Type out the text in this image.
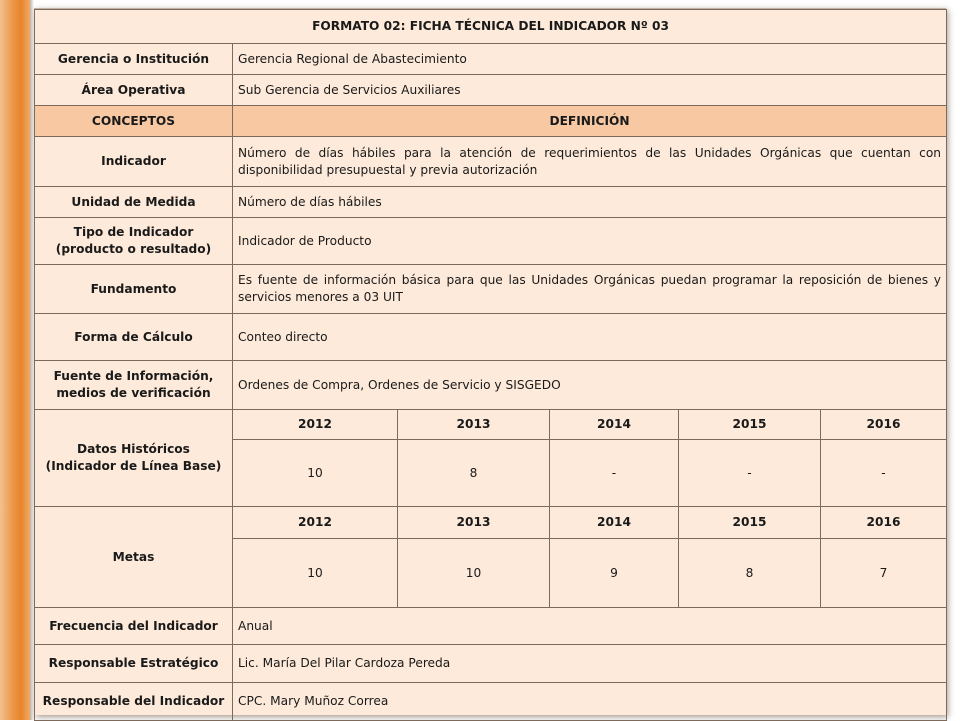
FORMATO 02: FICHA TÉCNICA DEL INDICADOR Nº 03					
Gerencia o Institución	Gerencia Regional de Abastecimiento				
Área Operativa	Sub Gerencia de Servicios Auxiliares				
CONCEPTOS	DEFINICIÓN				
Indicador	Número de días hábiles para la atención de requerimientos de las Unidades Orgánicas que cuentan con disponibilidad presupuestal y previa autorización				
Unidad de Medida	Número de días hábiles				
Tipo de Indicador (producto o resultado)	Indicador de Producto				
Fundamento	Es fuente de información básica para que las Unidades Orgánicas puedan programar la reposición de bienes y servicios menores a 03 UIT				
Forma de Cálculo	Conteo directo				
Fuente de Información, medios de verificación	Ordenes de Compra, Ordenes de Servicio y SISGEDO				
Datos Históricos (Indicador de Línea Base)	2012	2013	2014	2015	2016
	10	8	-	-	-
Metas	2012	2013	2014	2015	2016
	10	10	9	8	7
Frecuencia del Indicador	Anual				
Responsable Estratégico	Lic. María Del Pilar Cardoza Pereda				
Responsable del Indicador	CPC. Mary Muñoz Correa				
